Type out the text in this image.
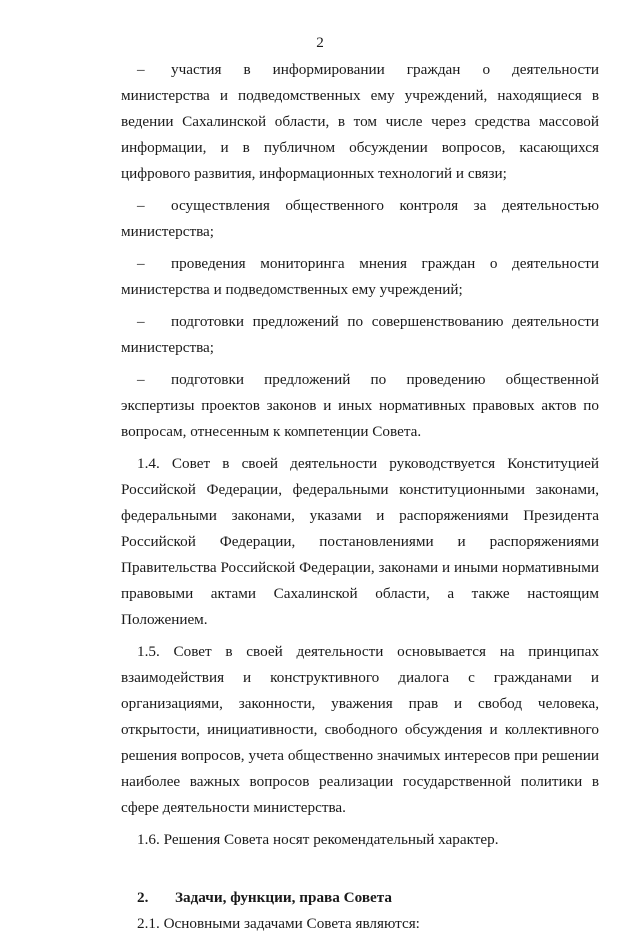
2

– участия в информировании граждан о деятельности министерства и подведомственных ему учреждений, находящиеся в ведении Сахалинской области, в том числе через средства массовой информации, и в публичном обсуждении вопросов, касающихся цифрового развития, информационных технологий и связи;

– осуществления общественного контроля за деятельностью министерства;

– проведения мониторинга мнения граждан о деятельности министерства и подведомственных ему учреждений;

– подготовки предложений по совершенствованию деятельности министерства;

– подготовки предложений по проведению общественной экспертизы проектов законов и иных нормативных правовых актов по вопросам, отнесенным к компетенции Совета.

1.4. Совет в своей деятельности руководствуется Конституцией Российской Федерации, федеральными конституционными законами, федеральными законами, указами и распоряжениями Президента Российской Федерации, постановлениями и распоряжениями Правительства Российской Федерации, законами и иными нормативными правовыми актами Сахалинской области, а также настоящим Положением.

1.5. Совет в своей деятельности основывается на принципах взаимодействия и конструктивного диалога с гражданами и организациями, законности, уважения прав и свобод человека, открытости, инициативности, свободного обсуждения и коллективного решения вопросов, учета общественно значимых интересов при решении наиболее важных вопросов реализации государственной политики в сфере деятельности министерства.

1.6. Решения Совета носят рекомендательный характер.

2. Задачи, функции, права Совета

2.1. Основными задачами Совета являются:
